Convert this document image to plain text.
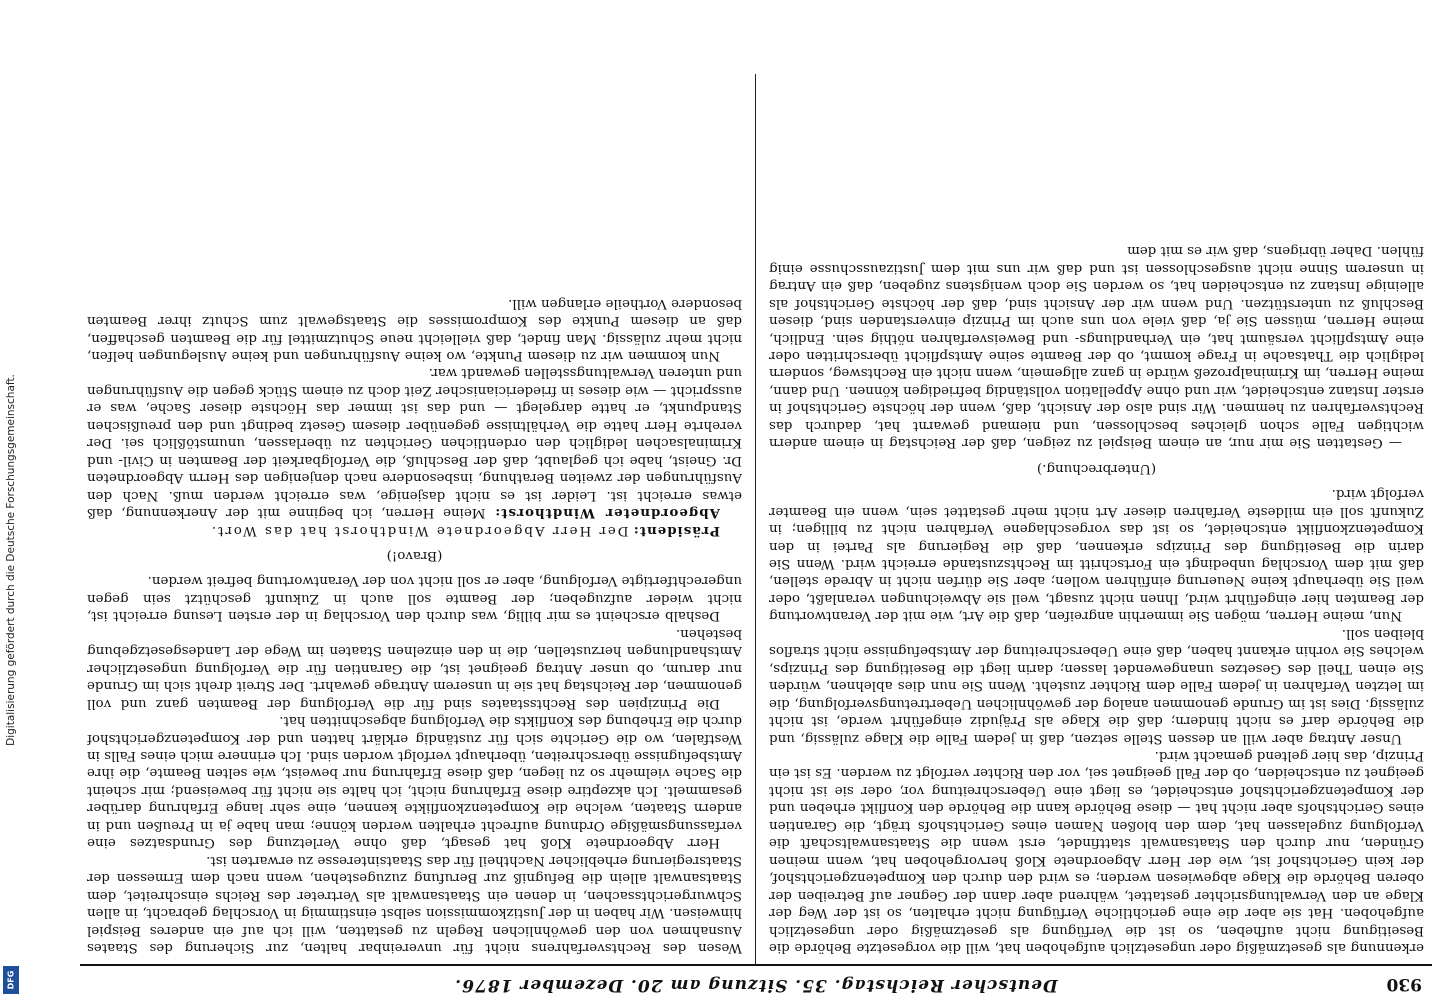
930
Deutscher Reichstag. 35. Sitzung am 20. Dezember 1876.

erkennung als gesetzmäßig oder ungesetzlich aufgehoben hat, will die vorgesetzte Behörde die Beseitigung nicht aufheben, so ist die Verfügung als gesetzmäßig oder ungesetzlich aufgehoben. Hat sie aber die eine gerichtliche Verfügung nicht erhalten, so ist der Weg der Klage an den Verwaltungsrichter gestattet, während aber dann der Gegner auf Betreiben der oberen Behörde die Klage abgewiesen werden; es wird den durch den Kompetenzgerichtshof, der kein Gerichtshof ist, wie der Herr Abgeordnete Kloß hervorgehoben hat, wenn meinen Gründen, nur durch den Staatsanwalt stattfindet, erst wenn die Staatsanwaltschaft die Verfolgung zugelassen hat, dem den bloßen Namen eines Gerichtshofs trägt, die Garantien eines Gerichtshofs aber nicht hat — diese Behörde kann die Behörde den Konflikt erheben und der Kompetenzgerichtshof entscheidet, es liegt eine Ueberschreitung vor, oder sie ist nicht geeignet zu entscheiden, ob der Fall geeignet sei, vor den Richter verfolgt zu werden. Es ist ein Prinzip, das hier geltend gemacht wird.

Unser Antrag aber will an dessen Stelle setzen, daß in jedem Falle die Klage zulässig, und die Behörde darf es nicht hindern; daß die Klage als Präjudiz eingeführt werde, ist nicht zulässig. Dies ist im Grunde genommen analog der gewöhnlichen Uebertretungsverfolgung, die im letzten Verfahren in jedem Falle dem Richter zusteht. Wenn Sie nun dies ablehnen, würden Sie einen Theil des Gesetzes unangewendet lassen; darin liegt die Beseitigung des Prinzips, welches Sie vorhin erkannt haben, daß eine Ueberschreitung der Amtsbefugnisse nicht straflos bleiben soll.

Nun, meine Herren, mögen Sie immerhin angreifen, daß die Art, wie mit der Verantwortung der Beamten hier eingeführt wird, Ihnen nicht zusagt, weil sie Abweichungen veranlaßt, oder weil Sie überhaupt keine Neuerung einführen wollen; aber Sie dürfen nicht in Abrede stellen, daß mit dem Vorschlag unbedingt ein Fortschritt im Rechtszustande erreicht wird. Wenn Sie darin die Beseitigung des Prinzips erkennen, daß die Regierung als Partei in den Kompetenzkonflikt entscheidet, so ist das vorgeschlagene Verfahren nicht zu billigen; in Zukunft soll ein mildeste Verfahren dieser Art nicht mehr gestattet sein, wenn ein Beamter verfolgt wird.

(Unterbrechung.)

— Gestatten Sie mir nur, an einem Beispiel zu zeigen, daß der Reichstag in einem andern wichtigen Falle schon gleiches beschlossen, und niemand gewarnt hat, dadurch das Rechtsverfahren zu hemmen. Wir sind also der Ansicht, daß, wenn der höchste Gerichtshof in erster Instanz entscheidet, wir und ohne Appellation vollständig befriedigen können. Und dann, meine Herren, im Kriminalprozeß würde in ganz allgemein, wenn nicht ein Rechtsweg, sondern lediglich die Thatsache in Frage kommt, ob der Beamte seine Amtspflicht überschritten oder eine Amtspflicht versäumt hat, ein Verhandlungs- und Beweisverfahren nöthig sein. Endlich, meine Herren, müssen Sie ja, daß viele von uns auch im Prinzip einverstanden sind, diesen Beschluß zu unterstützen. Und wenn wir der Ansicht sind, daß der höchste Gerichtshof als alleinige Instanz zu entscheiden hat, so werden Sie doch wenigstens zugeben, daß ein Antrag in unserem Sinne nicht ausgeschlossen ist und daß wir uns mit dem Justizausschusse einig fühlen. Daher übrigens, daß wir es mit dem

Wesen des Rechtsverfahrens nicht für unvereinbar halten, zur Sicherung des Staates Ausnahmen von den gewöhnlichen Regeln zu gestatten, will ich auf ein anderes Beispiel hinweisen. Wir haben in der Justizkommission selbst einstimmig in Vorschlag gebracht, in allen Schwurgerichtssachen, in denen ein Staatsanwalt als Vertreter des Reichs einschreitet, dem Staatsanwalt allein die Befugniß zur Berufung zuzugestehen, wenn nach dem Ermessen der Staatsregierung erheblicher Nachtheil für das Staatsinteresse zu erwarten ist.

Herr Abgeordnete Kloß hat gesagt, daß ohne Verletzung des Grundsatzes eine verfassungsmäßige Ordnung aufrecht erhalten werden könne; man habe ja in Preußen und in andern Staaten, welche die Kompetenzkonflikte kennen, eine sehr lange Erfahrung darüber gesammelt. Ich akzeptire diese Erfahrung nicht, ich halte sie nicht für beweisend; mir scheint die Sache vielmehr so zu liegen, daß diese Erfahrung nur beweist, wie selten Beamte, die ihre Amtsbefugnisse überschreiten, überhaupt verfolgt worden sind. Ich erinnere mich eines Falls in Westfalen, wo die Gerichte sich für zuständig erklärt hatten und der Kompetenzgerichtshof durch die Erhebung des Konflikts die Verfolgung abgeschnitten hat.

Die Prinzipien des Rechtsstaates sind für die Verfolgung der Beamten ganz und voll genommen, der Reichstag hat sie in unserem Antrage gewahrt. Der Streit dreht sich im Grunde nur darum, ob unser Antrag geeignet ist, die Garantien für die Verfolgung ungesetzlicher Amtshandlungen herzustellen, die in den einzelnen Staaten im Wege der Landesgesetzgebung bestehen.

Deshalb erscheint es mir billig, was durch den Vorschlag in der ersten Lesung erreicht ist, nicht wieder aufzugeben; der Beamte soll auch in Zukunft geschützt sein gegen ungerechtfertigte Verfolgung, aber er soll nicht von der Verantwortung befreit werden.

(Bravo!)

Präsident: Der Herr Abgeordnete Windthorst hat das Wort.

Abgeordneter Windthorst: Meine Herren, ich beginne mit der Anerkennung, daß etwas erreicht ist. Leider ist es nicht dasjenige, was erreicht werden muß. Nach den Ausführungen der zweiten Berathung, insbesondere nach denjenigen des Herrn Abgeordneten Dr. Gneist, habe ich geglaubt, daß der Beschluß, die Verfolgbarkeit der Beamten in Civil- und Kriminalsachen lediglich den ordentlichen Gerichten zu überlassen, unumstößlich sei. Der verehrte Herr hatte die Verhältnisse gegenüber diesem Gesetz bedingt und den preußischen Standpunkt, er hatte dargelegt — und das ist immer das Höchste dieser Sache, was er ausspricht — wie dieses in friedericianischer Zeit doch zu einem Stück gegen die Ausführungen und unteren Verwaltungsstellen gewandt war.

Nun kommen wir zu diesem Punkte, wo keine Ausführungen und keine Auslegungen helfen, nicht mehr zulässig. Man findet, daß vielleicht neue Schutzmittel für die Beamten geschaffen, daß an diesem Punkte des Kompromisses die Staatsgewalt zum Schutz ihrer Beamten besondere Vortheile erlangen will.

Digitalisierung gefördert durch die Deutsche Forschungsgemeinschaft.
DFG
